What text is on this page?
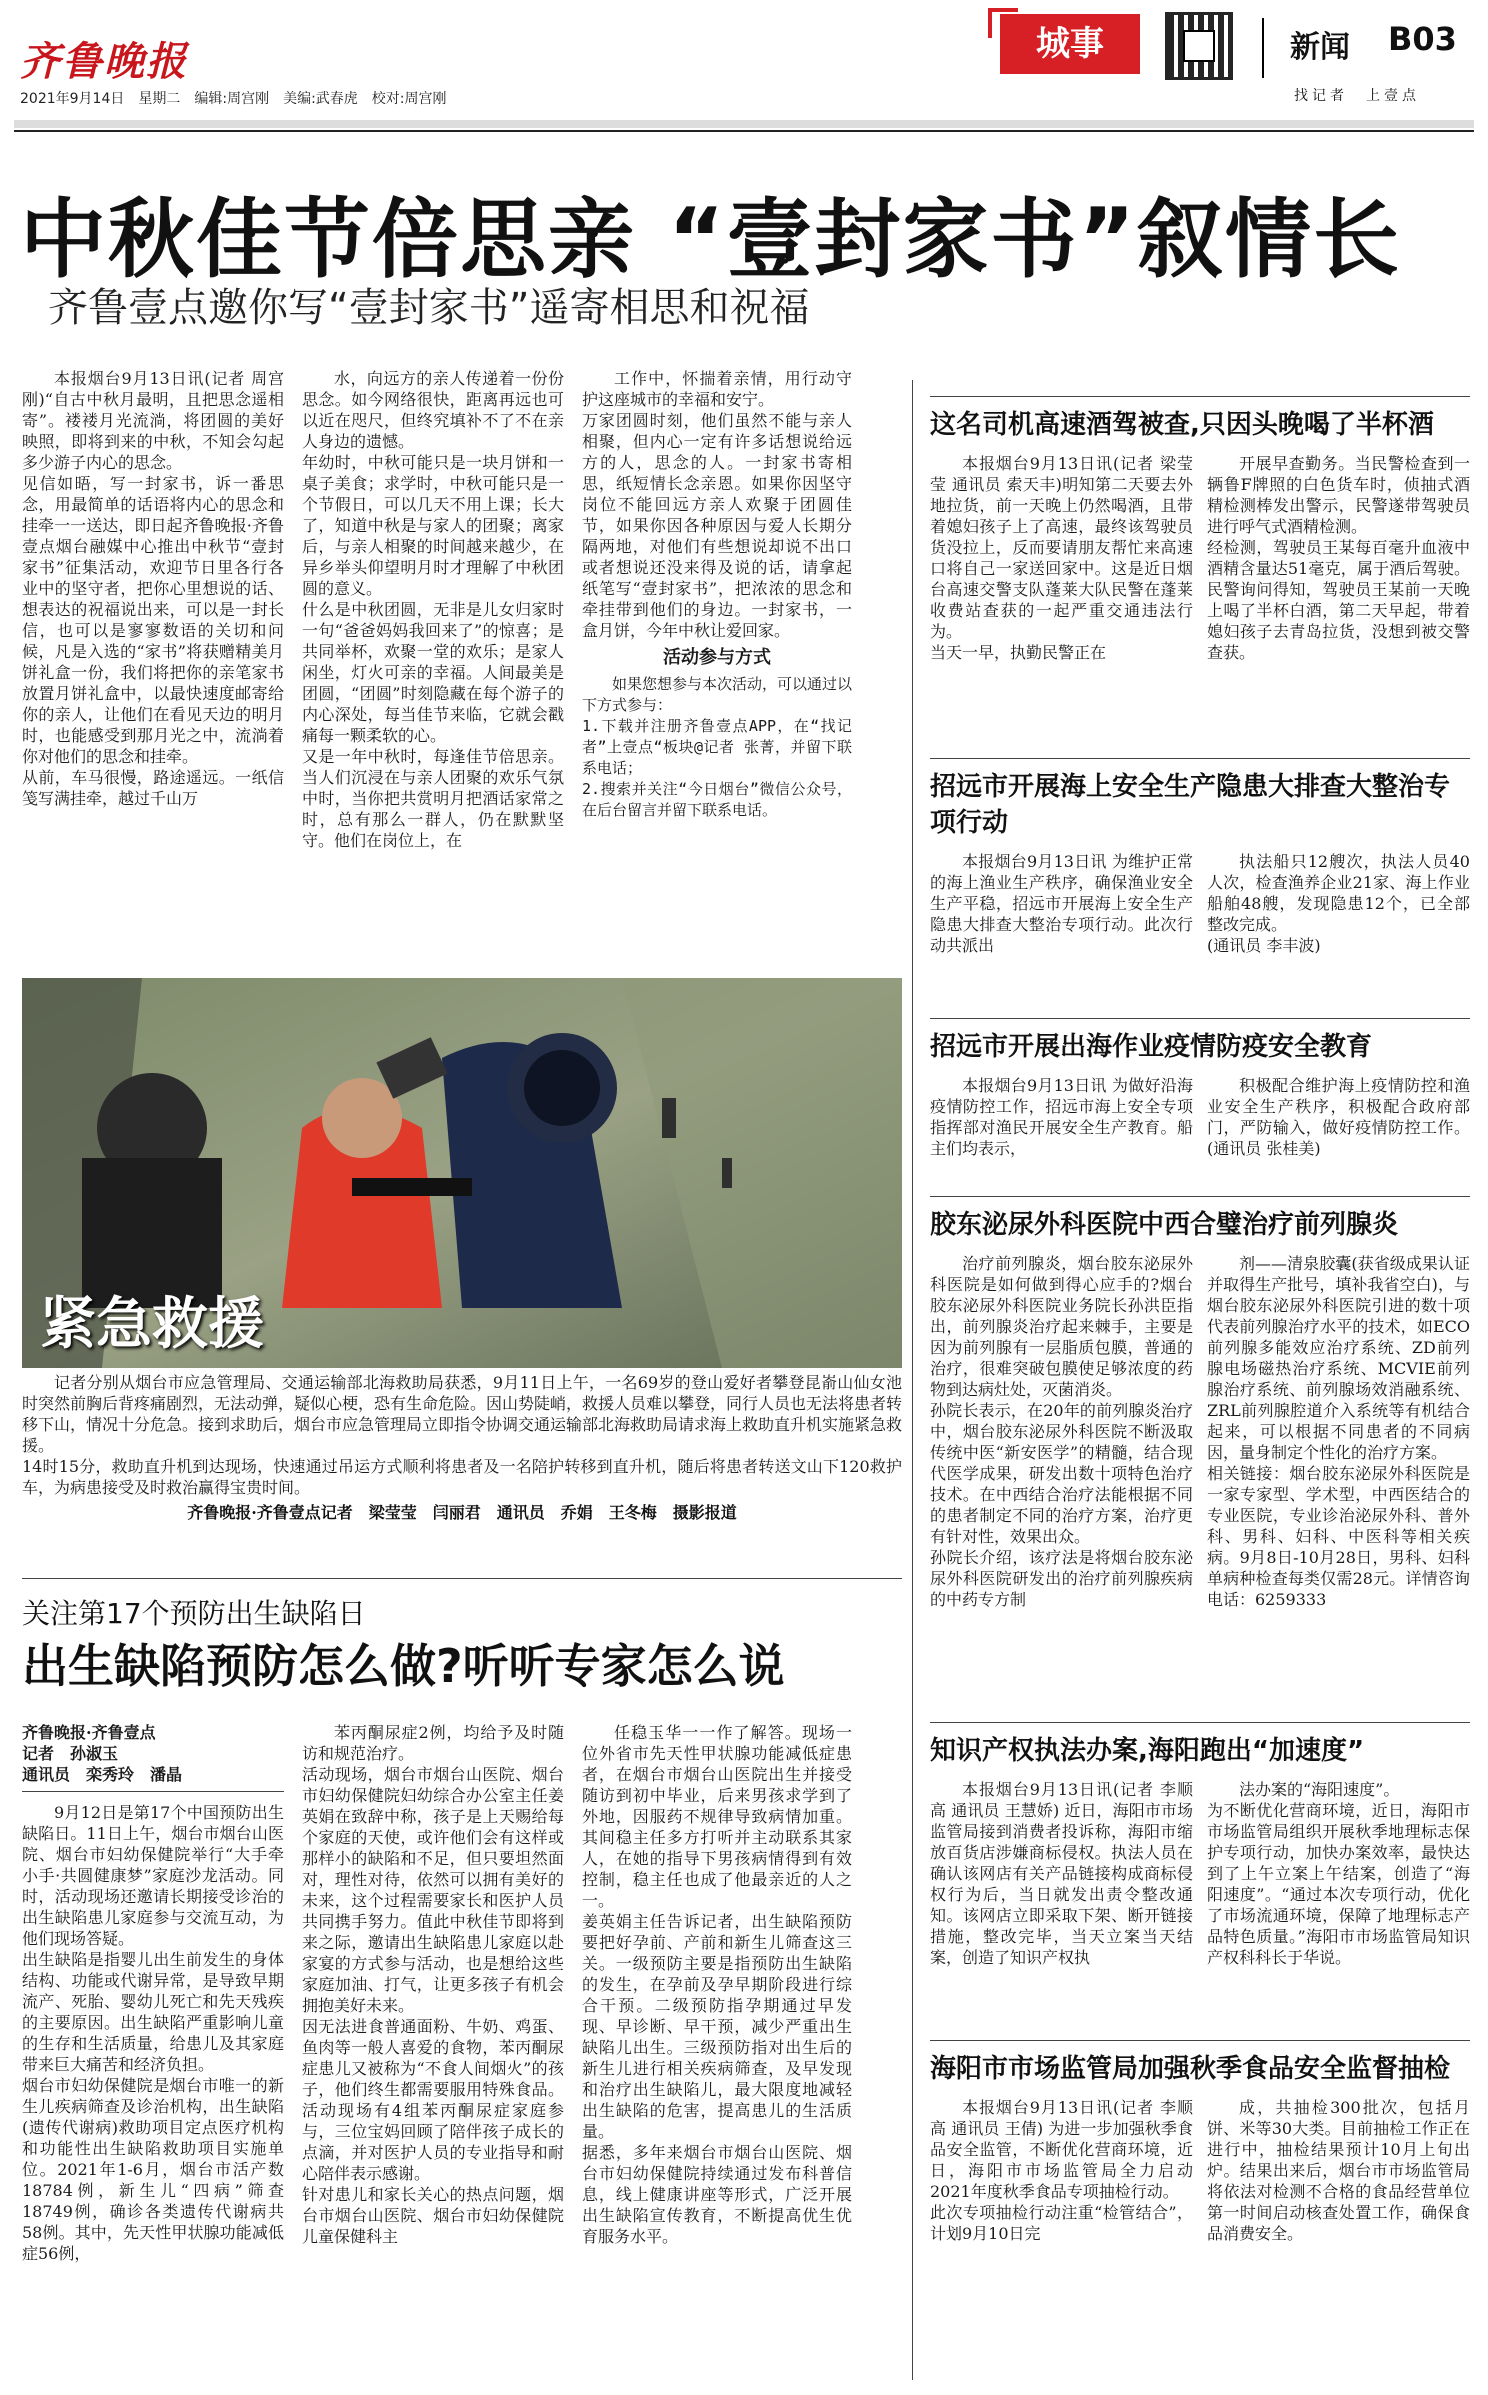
齐鲁晚报
2021年9月14日　星期二　编辑:周宫刚　美编:武春虎　校对:周宫刚
城事	新闻 B03
找记者　上壹点
中秋佳节倍思亲 “壹封家书”叙情长
齐鲁壹点邀你写“壹封家书”遥寄相思和祝福
本报烟台9月13日讯(记者 周宫刚)“自古中秋月最明，且把思念遥相寄”。褛褛月光流淌，将团圆的美好映照，即将到来的中秋，不知会勾起多少游子内心的思念。
见信如晤，写一封家书，诉一番思念，用最简单的话语将内心的思念和挂牵一一送达，即日起齐鲁晚报·齐鲁壹点烟台融媒中心推出中秋节“壹封家书”征集活动，欢迎节日里各行各业中的坚守者，把你心里想说的话、想表达的祝福说出来，可以是一封长信，也可以是寥寥数语的关切和问候，凡是入选的“家书”将获赠精美月饼礼盒一份，我们将把你的亲笔家书放置月饼礼盒中，以最快速度邮寄给你的亲人，让他们在看见天边的明月时，也能感受到那月光之中，流淌着你对他们的思念和挂牵。
从前，车马很慢，路途遥远。一纸信笺写满挂牵，越过千山万
水，向远方的亲人传递着一份份思念。如今网络很快，距离再远也可以近在咫尺，但终究填补不了不在亲人身边的遗憾。
年幼时，中秋可能只是一块月饼和一桌子美食；求学时，中秋可能只是一个节假日，可以几天不用上课；长大了，知道中秋是与家人的团聚；离家后，与亲人相聚的时间越来越少，在异乡举头仰望明月时才理解了中秋团圆的意义。
什么是中秋团圆，无非是儿女归家时一句“爸爸妈妈我回来了”的惊喜；是共同举杯，欢聚一堂的欢乐；是家人闲坐，灯火可亲的幸福。人间最美是团圆，“团圆”时刻隐藏在每个游子的内心深处，每当佳节来临，它就会戳痛每一颗柔软的心。
又是一年中秋时，每逢佳节倍思亲。当人们沉浸在与亲人团聚的欢乐气氛中时，当你把共赏明月把酒话家常之时，总有那么一群人，仍在默默坚守。他们在岗位上，在
工作中，怀揣着亲情，用行动守护这座城市的幸福和安宁。
万家团圆时刻，他们虽然不能与亲人相聚，但内心一定有许多话想说给远方的人，思念的人。一封家书寄相思，纸短情长念亲恩。如果你因坚守岗位不能回远方亲人欢聚于团圆佳节，如果你因各种原因与爱人长期分隔两地，对他们有些想说却说不出口或者想说还没来得及说的话，请拿起纸笔写“壹封家书”，把浓浓的思念和牵挂带到他们的身边。一封家书，一盒月饼，今年中秋让爱回家。
活动参与方式
如果您想参与本次活动，可以通过以下方式参与：
1.下载并注册齐鲁壹点APP，在“找记者”上壹点“板块@记者 张菁，并留下联系电话；
2.搜索并关注“今日烟台”微信公众号，在后台留言并留下联系电话。
紧急救援
记者分别从烟台市应急管理局、交通运输部北海救助局获悉，9月11日上午，一名69岁的登山爱好者攀登昆嵛山仙女池时突然前胸后背疼痛剧烈，无法动弹，疑似心梗，恐有生命危险。因山势陡峭，救援人员难以攀登，同行人员也无法将患者转移下山，情况十分危急。接到求助后，烟台市应急管理局立即指令协调交通运输部北海救助局请求海上救助直升机实施紧急救援。
14时15分，救助直升机到达现场，快速通过吊运方式顺利将患者及一名陪护转移到直升机，随后将患者转送文山下120救护车，为病患接受及时救治赢得宝贵时间。
齐鲁晚报·齐鲁壹点记者　梁莹莹　闫丽君　通讯员　乔娟　王冬梅　摄影报道
关注第17个预防出生缺陷日
出生缺陷预防怎么做?听听专家怎么说
齐鲁晚报·齐鲁壹点
记者　孙淑玉
通讯员　栾秀玲　潘晶
9月12日是第17个中国预防出生缺陷日。11日上午，烟台市烟台山医院、烟台市妇幼保健院举行“大手牵小手·共圆健康梦”家庭沙龙活动。同时，活动现场还邀请长期接受诊治的出生缺陷患儿家庭参与交流互动，为他们现场答疑。
出生缺陷是指婴儿出生前发生的身体结构、功能或代谢异常，是导致早期流产、死胎、婴幼儿死亡和先天残疾的主要原因。出生缺陷严重影响儿童的生存和生活质量，给患儿及其家庭带来巨大痛苦和经济负担。
烟台市妇幼保健院是烟台市唯一的新生儿疾病筛查及诊治机构，出生缺陷(遗传代谢病)救助项目定点医疗机构和功能性出生缺陷救助项目实施单位。2021年1-6月，烟台市活产数18784例，新生儿“四病”筛查18749例，确诊各类遗传代谢病共58例。其中，先天性甲状腺功能减低症56例，
苯丙酮尿症2例，均给予及时随访和规范治疗。
活动现场，烟台市烟台山医院、烟台市妇幼保健院妇幼综合办公室主任姜英娟在致辞中称，孩子是上天赐给每个家庭的天使，或许他们会有这样或那样小的缺陷和不足，但只要坦然面对，理性对待，依然可以拥有美好的未来，这个过程需要家长和医护人员共同携手努力。值此中秋佳节即将到来之际，邀请出生缺陷患儿家庭以赴家宴的方式参与活动，也是想给这些家庭加油、打气，让更多孩子有机会拥抱美好未来。
因无法进食普通面粉、牛奶、鸡蛋、鱼肉等一般人喜爱的食物，苯丙酮尿症患儿又被称为“不食人间烟火”的孩子，他们终生都需要服用特殊食品。活动现场有4组苯丙酮尿症家庭参与，三位宝妈回顾了陪伴孩子成长的点滴，并对医护人员的专业指导和耐心陪伴表示感谢。
针对患儿和家长关心的热点问题，烟台市烟台山医院、烟台市妇幼保健院儿童保健科主
任稳玉华一一作了解答。现场一位外省市先天性甲状腺功能减低症患者，在烟台市烟台山医院出生并接受随访到初中毕业，后来男孩求学到了外地，因服药不规律导致病情加重。其间稳主任多方打听并主动联系其家人，在她的指导下男孩病情得到有效控制，稳主任也成了他最亲近的人之一。
姜英娟主任告诉记者，出生缺陷预防要把好孕前、产前和新生儿筛查这三关。一级预防主要是指预防出生缺陷的发生，在孕前及孕早期阶段进行综合干预。二级预防指孕期通过早发现、早诊断、早干预，减少严重出生缺陷儿出生。三级预防指对出生后的新生儿进行相关疾病筛查，及早发现和治疗出生缺陷儿，最大限度地减轻出生缺陷的危害，提高患儿的生活质量。
据悉，多年来烟台市烟台山医院、烟台市妇幼保健院持续通过发布科普信息，线上健康讲座等形式，广泛开展出生缺陷宣传教育，不断提高优生优育服务水平。
这名司机高速酒驾被查,只因头晚喝了半杯酒
本报烟台9月13日讯(记者 梁莹莹 通讯员 索天丰)明知第二天要去外地拉货，前一天晚上仍然喝酒，且带着媳妇孩子上了高速，最终该驾驶员货没拉上，反而要请朋友帮忙来高速口将自己一家送回家中。这是近日烟台高速交警支队蓬莱大队民警在蓬莱收费站查获的一起严重交通违法行为。
当天一早，执勤民警正在
开展早查勤务。当民警检查到一辆鲁F牌照的白色货车时，侦抽式酒精检测棒发出警示，民警遂带驾驶员进行呼气式酒精检测。
经检测，驾驶员王某每百毫升血液中酒精含量达51毫克，属于酒后驾驶。民警询问得知，驾驶员王某前一天晚上喝了半杯白酒，第二天早起，带着媳妇孩子去青岛拉货，没想到被交警查获。
招远市开展海上安全生产隐患大排查大整治专项行动
本报烟台9月13日讯 为维护正常的海上渔业生产秩序，确保渔业安全生产平稳，招远市开展海上安全生产隐患大排查大整治专项行动。此次行动共派出
执法船只12艘次，执法人员40人次，检查渔养企业21家、海上作业船舶48艘，发现隐患12个，已全部整改完成。
(通讯员 李丰波)
招远市开展出海作业疫情防疫安全教育
本报烟台9月13日讯 为做好沿海疫情防控工作，招远市海上安全专项指挥部对渔民开展安全生产教育。船主们均表示，
积极配合维护海上疫情防控和渔业安全生产秩序，积极配合政府部门，严防输入，做好疫情防控工作。 (通讯员 张桂美)
胶东泌尿外科医院中西合璧治疗前列腺炎
治疗前列腺炎，烟台胶东泌尿外科医院是如何做到得心应手的?烟台胶东泌尿外科医院业务院长孙洪臣指出，前列腺炎治疗起来棘手，主要是因为前列腺有一层脂质包膜，普通的治疗，很难突破包膜使足够浓度的药物到达病灶处，灭菌消炎。
孙院长表示，在20年的前列腺炎治疗中，烟台胶东泌尿外科医院不断汲取传统中医“新安医学”的精髓，结合现代医学成果，研发出数十项特色治疗技术。在中西结合治疗法能根据不同的患者制定不同的治疗方案，治疗更有针对性，效果出众。
孙院长介绍，该疗法是将烟台胶东泌尿外科医院研发出的治疗前列腺疾病的中药专方制
剂——清泉胶囊(获省级成果认证并取得生产批号，填补我省空白)，与烟台胶东泌尿外科医院引进的数十项代表前列腺治疗水平的技术，如ECO前列腺多能效应治疗系统、ZD前列腺电场磁热治疗系统、MCVIE前列腺治疗系统、前列腺场效消融系统、ZRL前列腺腔道介入系统等有机结合起来，可以根据不同患者的不同病因，量身制定个性化的治疗方案。
相关链接：烟台胶东泌尿外科医院是一家专家型、学术型，中西医结合的专业医院，专业诊治泌尿外科、普外科、男科、妇科、中医科等相关疾病。9月8日-10月28日，男科、妇科单病种检查每类仅需28元。详情咨询电话：6259333
知识产权执法办案,海阳跑出“加速度”
本报烟台9月13日讯(记者 李顺高 通讯员 王慧娇) 近日，海阳市市场监管局接到消费者投诉称，海阳市缩放百货店涉嫌商标侵权。执法人员在确认该网店有关产品链接构成商标侵权行为后，当日就发出责令整改通知。该网店立即采取下架、断开链接措施，整改完毕，当天立案当天结案，创造了知识产权执
法办案的“海阳速度”。
为不断优化营商环境，近日，海阳市市场监管局组织开展秋季地理标志保护专项行动，加快办案效率，最快达到了上午立案上午结案，创造了“海阳速度”。“通过本次专项行动，优化了市场流通环境，保障了地理标志产品特色质量。”海阳市市场监管局知识产权科科长于华说。
海阳市市场监管局加强秋季食品安全监督抽检
本报烟台9月13日讯(记者 李顺高 通讯员 王倩) 为进一步加强秋季食品安全监管，不断优化营商环境，近日，海阳市市场监管局全力启动2021年度秋季食品专项抽检行动。
此次专项抽检行动注重“检管结合”，计划9月10日完
成，共抽检300批次，包括月饼、米等30大类。目前抽检工作正在进行中，抽检结果预计10月上旬出炉。结果出来后，烟台市市场监管局将依法对检测不合格的食品经营单位第一时间启动核查处置工作，确保食品消费安全。
